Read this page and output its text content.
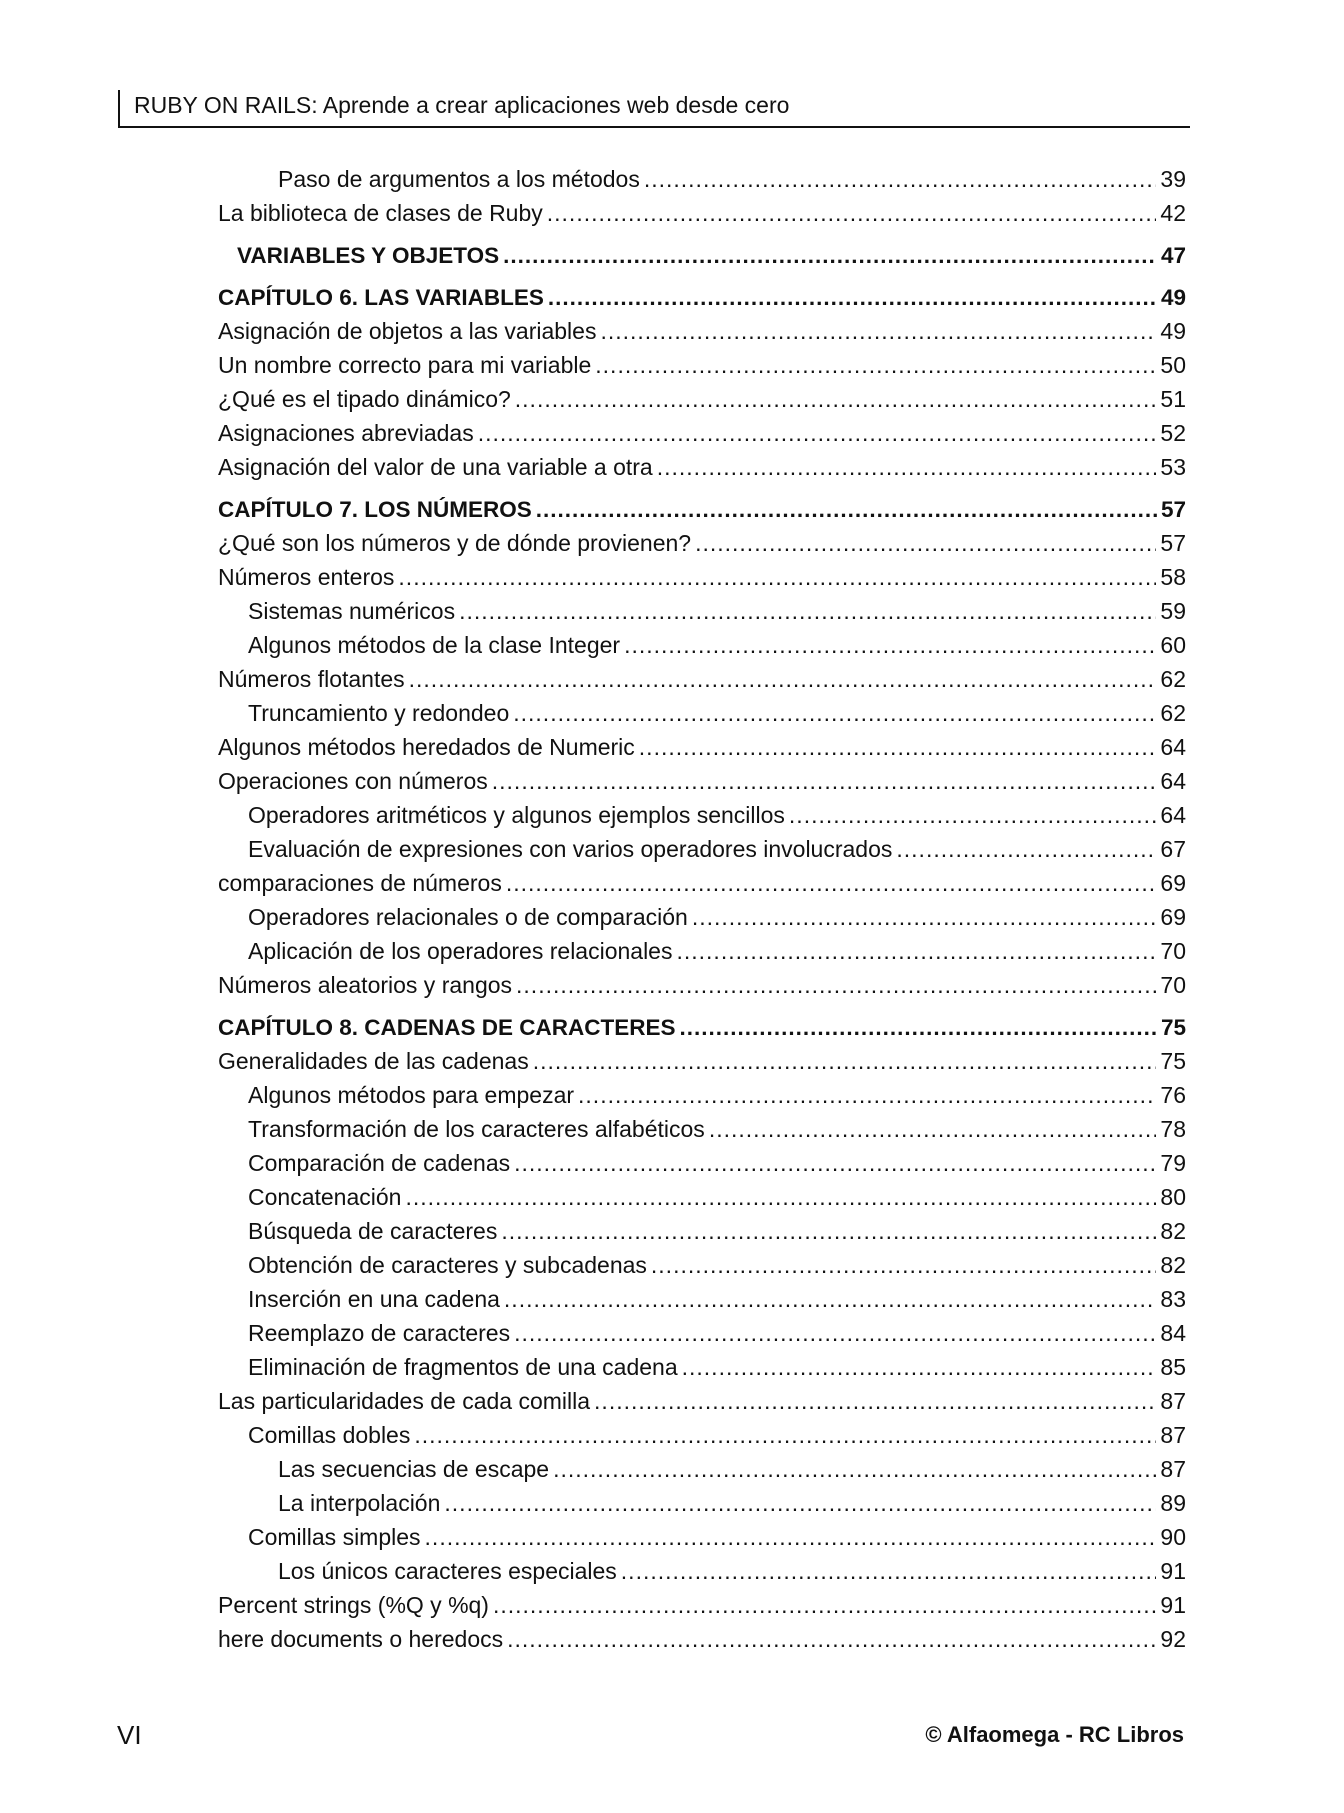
RUBY ON RAILS: Aprende a crear aplicaciones web desde cero
Paso de argumentos a los métodos .....	39
La biblioteca de clases de Ruby .....	42
VARIABLES Y OBJETOS .....	47
CAPÍTULO 6. LAS VARIABLES .....	49
Asignación de objetos a las variables .....	49
Un nombre correcto para mi variable .....	50
¿Qué es el tipado dinámico? .....	51
Asignaciones abreviadas .....	52
Asignación del valor de una variable a otra .....	53
CAPÍTULO 7. LOS NÚMEROS .....	57
¿Qué son los números y de dónde provienen? .....	57
Números enteros .....	58
Sistemas numéricos .....	59
Algunos métodos de la clase Integer .....	60
Números flotantes .....	62
Truncamiento y redondeo .....	62
Algunos métodos heredados de Numeric .....	64
Operaciones con números .....	64
Operadores aritméticos y algunos ejemplos sencillos .....	64
Evaluación de expresiones con varios operadores involucrados .....	67
comparaciones de números .....	69
Operadores relacionales o de comparación .....	69
Aplicación de los operadores relacionales .....	70
Números aleatorios y rangos .....	70
CAPÍTULO 8. CADENAS DE CARACTERES .....	75
Generalidades de las cadenas .....	75
Algunos métodos para empezar .....	76
Transformación de los caracteres alfabéticos .....	78
Comparación de cadenas .....	79
Concatenación .....	80
Búsqueda de caracteres .....	82
Obtención de caracteres y subcadenas .....	82
Inserción en una cadena .....	83
Reemplazo de caracteres .....	84
Eliminación de fragmentos de una cadena .....	85
Las particularidades de cada comilla .....	87
Comillas dobles .....	87
Las secuencias de escape .....	87
La interpolación .....	89
Comillas simples .....	90
Los únicos caracteres especiales .....	91
Percent strings (%Q y %q) .....	91
here documents o heredocs .....	92
VI	© Alfaomega - RC Libros
